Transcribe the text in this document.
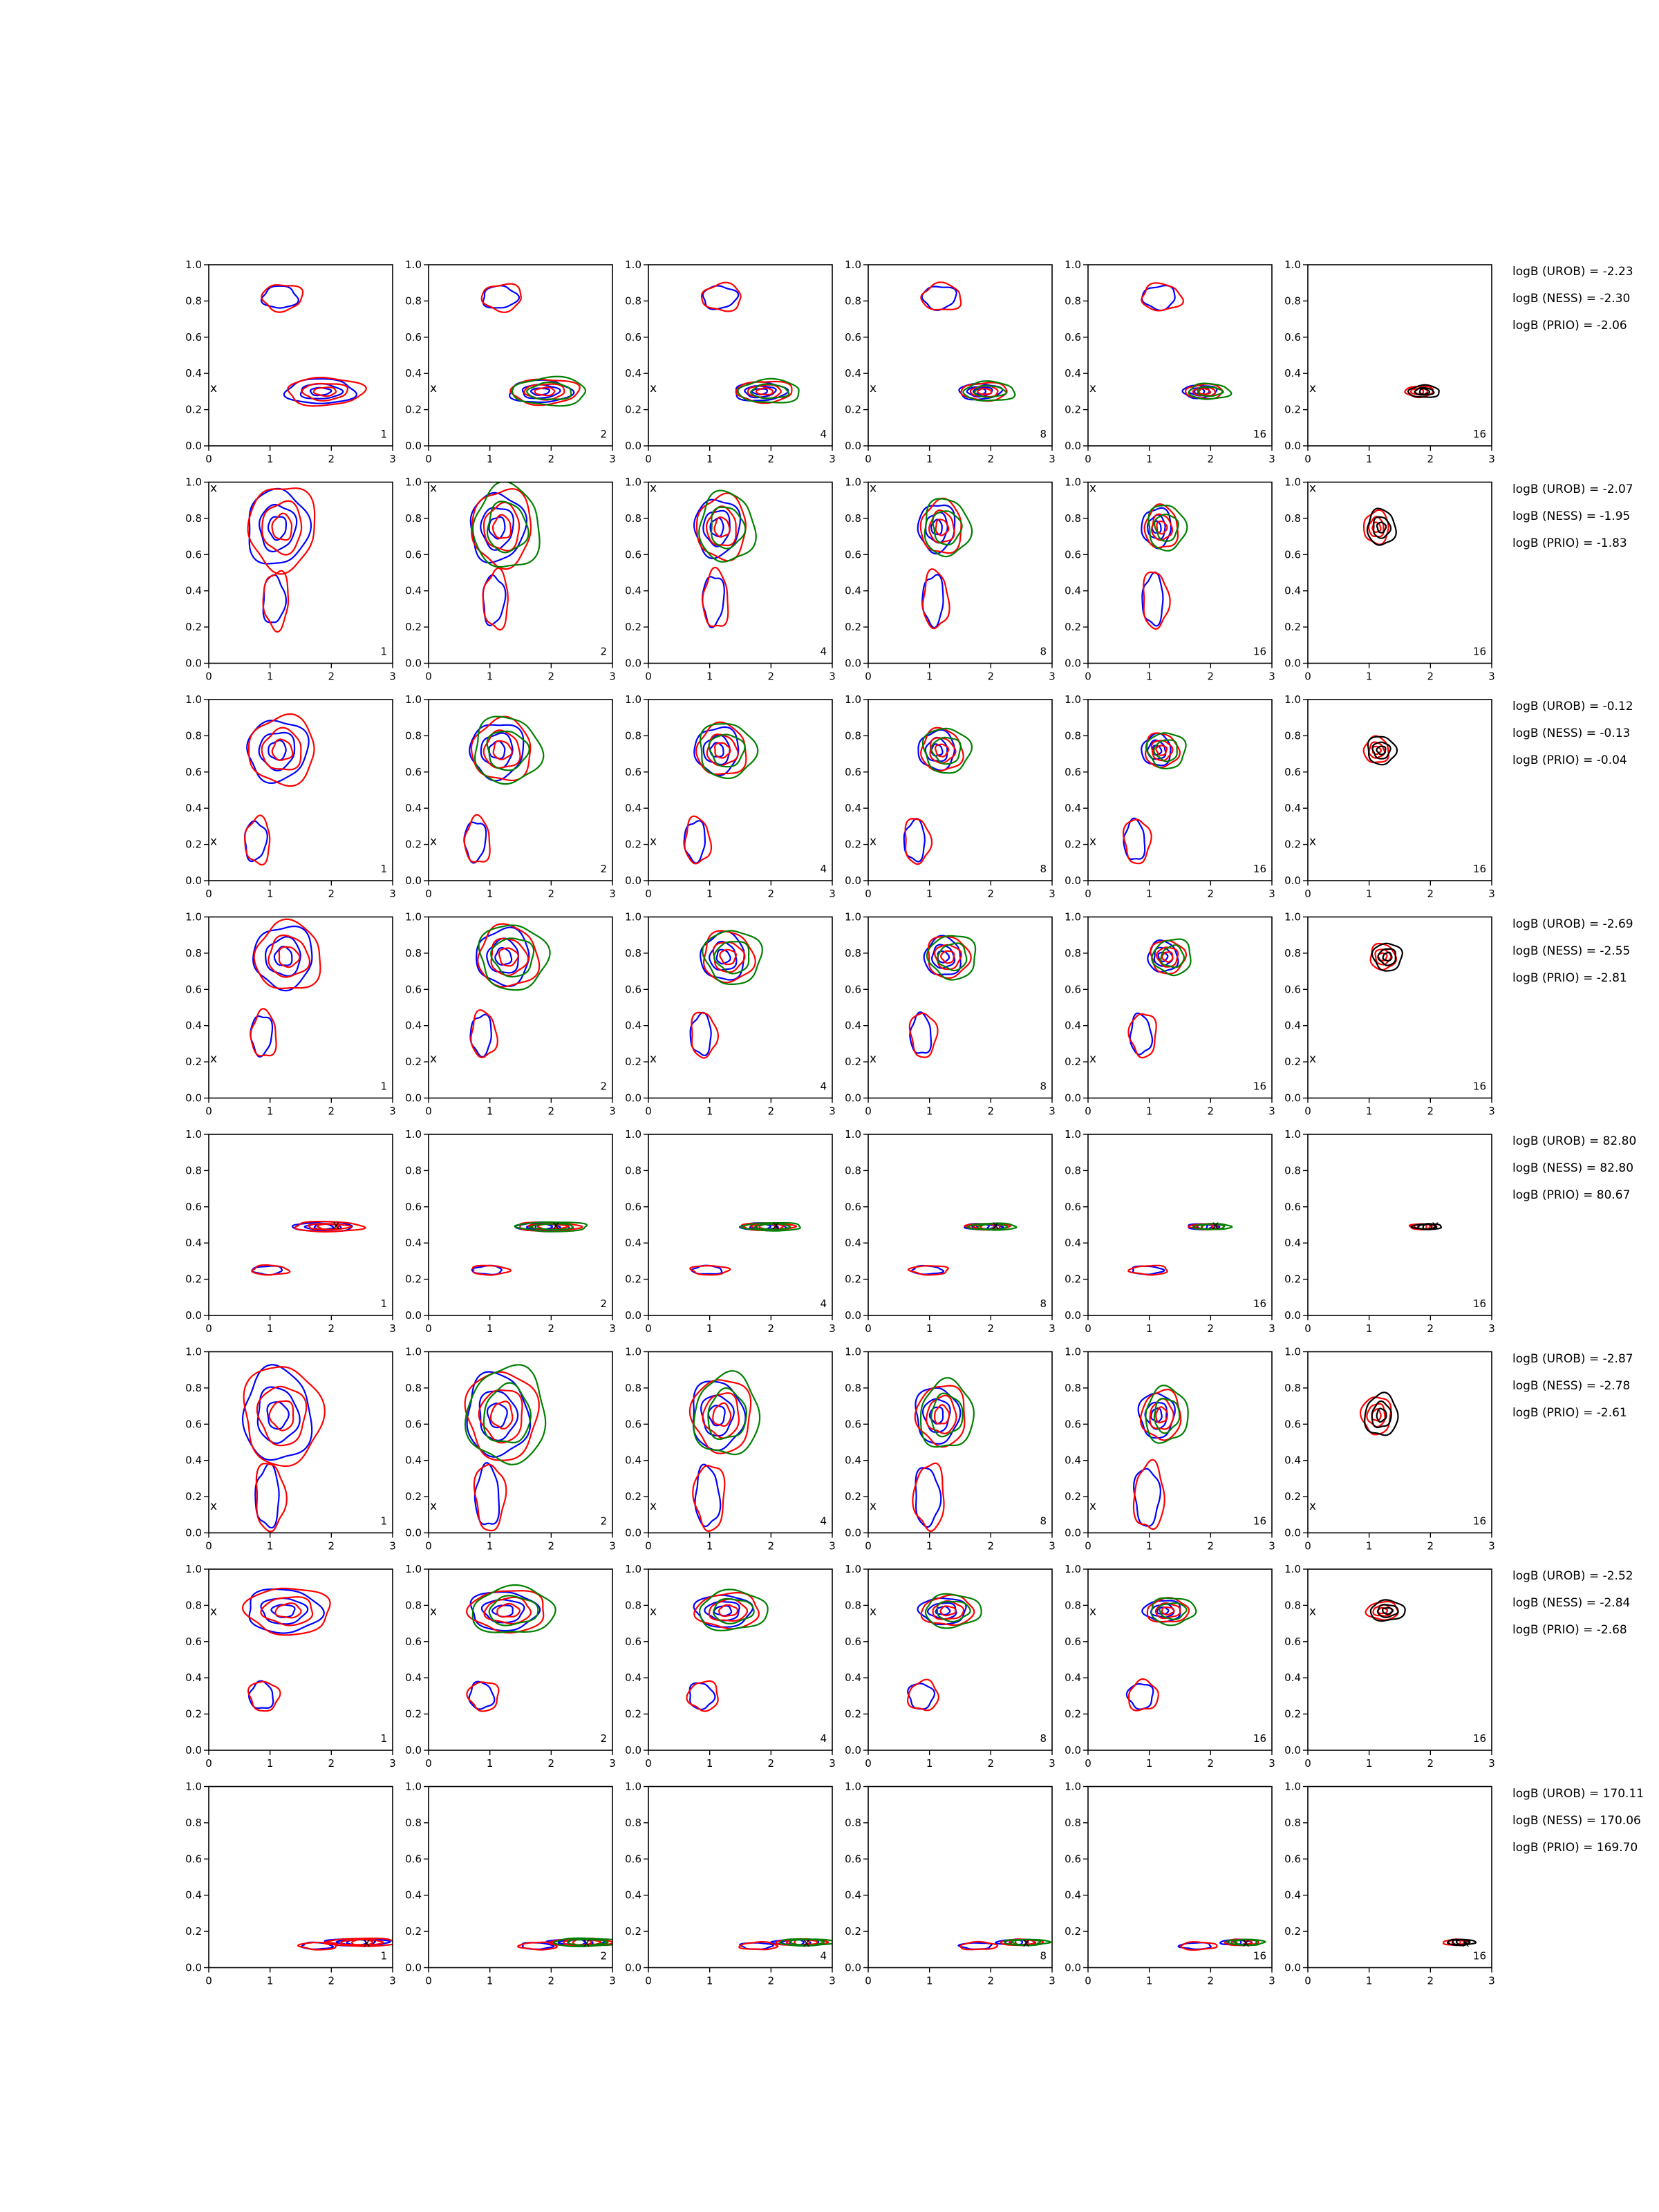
x
0	1	2	3
0.0
0.2
0.4
0.6
0.8
1.0
1
x
0	1	2	3
0.0
0.2
0.4
0.6
0.8
1.0
2
x
0	1	2	3
0.0
0.2
0.4
0.6
0.8
1.0
4
x
0	1	2	3
0.0
0.2
0.4
0.6
0.8
1.0
8
x
0	1	2	3
0.0
0.2
0.4
0.6
0.8
1.0
16
x
0	1	2	3
0.0
0.2
0.4
0.6
0.8
1.0
16
x
0	1	2	3
0.0
0.2
0.4
0.6
0.8
1.0
1
x
0	1	2	3
0.0
0.2
0.4
0.6
0.8
1.0
2
x
0	1	2	3
0.0
0.2
0.4
0.6
0.8
1.0
4
x
0	1	2	3
0.0
0.2
0.4
0.6
0.8
1.0
8
x
0	1	2	3
0.0
0.2
0.4
0.6
0.8
1.0
16
x
0	1	2	3
0.0
0.2
0.4
0.6
0.8
1.0
16
x
0	1	2	3
0.0
0.2
0.4
0.6
0.8
1.0
1
x
0	1	2	3
0.0
0.2
0.4
0.6
0.8
1.0
2
x
0	1	2	3
0.0
0.2
0.4
0.6
0.8
1.0
4
x
0	1	2	3
0.0
0.2
0.4
0.6
0.8
1.0
8
x
0	1	2	3
0.0
0.2
0.4
0.6
0.8
1.0
16
x
0	1	2	3
0.0
0.2
0.4
0.6
0.8
1.0
16
x
0	1	2	3
0.0
0.2
0.4
0.6
0.8
1.0
1
x
0	1	2	3
0.0
0.2
0.4
0.6
0.8
1.0
2
x
0	1	2	3
0.0
0.2
0.4
0.6
0.8
1.0
4
x
0	1	2	3
0.0
0.2
0.4
0.6
0.8
1.0
8
x
0	1	2	3
0.0
0.2
0.4
0.6
0.8
1.0
16
x
0	1	2	3
0.0
0.2
0.4
0.6
0.8
1.0
16
x
0	1	2	3
0.0
0.2
0.4
0.6
0.8
1.0
1
x
0	1	2	3
0.0
0.2
0.4
0.6
0.8
1.0
2
x
0	1	2	3
0.0
0.2
0.4
0.6
0.8
1.0
4
x
0	1	2	3
0.0
0.2
0.4
0.6
0.8
1.0
8
x
0	1	2	3
0.0
0.2
0.4
0.6
0.8
1.0
16
x
0	1	2	3
0.0
0.2
0.4
0.6
0.8
1.0
16
x
0	1	2	3
0.0
0.2
0.4
0.6
0.8
1.0
1
x
0	1	2	3
0.0
0.2
0.4
0.6
0.8
1.0
2
x
0	1	2	3
0.0
0.2
0.4
0.6
0.8
1.0
4
x
0	1	2	3
0.0
0.2
0.4
0.6
0.8
1.0
8
x
0	1	2	3
0.0
0.2
0.4
0.6
0.8
1.0
16
x
0	1	2	3
0.0
0.2
0.4
0.6
0.8
1.0
16
x
0	1	2	3
0.0
0.2
0.4
0.6
0.8
1.0
1
x
0	1	2	3
0.0
0.2
0.4
0.6
0.8
1.0
2
x
0	1	2	3
0.0
0.2
0.4
0.6
0.8
1.0
4
x
0	1	2	3
0.0
0.2
0.4
0.6
0.8
1.0
8
x
0	1	2	3
0.0
0.2
0.4
0.6
0.8
1.0
16
x
0	1	2	3
0.0
0.2
0.4
0.6
0.8
1.0
16
x
0	1	2	3
0.0
0.2
0.4
0.6
0.8
1.0
1
x
0	1	2	3
0.0
0.2
0.4
0.6
0.8
1.0
2
x
0	1	2	3
0.0
0.2
0.4
0.6
0.8
1.0
4
x
0	1	2	3
0.0
0.2
0.4
0.6
0.8
1.0
8
x
0	1	2	3
0.0
0.2
0.4
0.6
0.8
1.0
16
x
0	1	2	3
0.0
0.2
0.4
0.6
0.8
1.0
16
logB (UROB) = -2.23
logB (NESS) = -2.30
logB (PRIO) = -2.06
logB (UROB) = -2.07
logB (NESS) = -1.95
logB (PRIO) = -1.83
logB (UROB) = -0.12
logB (NESS) = -0.13
logB (PRIO) = -0.04
logB (UROB) = -2.69
logB (NESS) = -2.55
logB (PRIO) = -2.81
logB (UROB) = 82.80
logB (NESS) = 82.80
logB (PRIO) = 80.67
logB (UROB) = -2.87
logB (NESS) = -2.78
logB (PRIO) = -2.61
logB (UROB) = -2.52
logB (NESS) = -2.84
logB (PRIO) = -2.68
logB (UROB) = 170.11
logB (NESS) = 170.06
logB (PRIO) = 169.70
